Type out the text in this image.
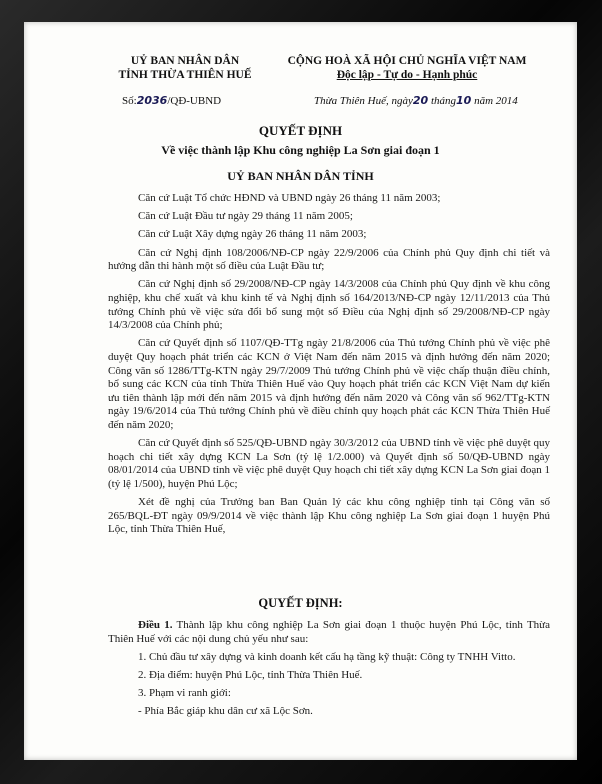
UỶ BAN NHÂN DÂN
TỈNH THỪA THIÊN HUẾ
CỘNG HOÀ XÃ HỘI CHỦ NGHĨA VIỆT NAM
Độc lập - Tự do - Hạnh phúc
Số:2036/QĐ-UBND	Thừa Thiên Huế, ngày20 tháng10 năm 2014
QUYẾT ĐỊNH
Về việc thành lập Khu công nghiệp La Sơn giai đoạn 1
UỶ BAN NHÂN DÂN TỈNH

Căn cứ Luật Tổ chức HĐND và UBND ngày 26 tháng 11 năm 2003;

Căn cứ Luật Đầu tư ngày 29 tháng 11 năm 2005;

Căn cứ Luật Xây dựng ngày 26 tháng 11 năm 2003;

Căn cứ Nghị định 108/2006/NĐ-CP ngày 22/9/2006 của Chính phủ Quy định chi tiết và hướng dẫn thi hành một số điều của Luật Đầu tư;

Căn cứ Nghị định số 29/2008/NĐ-CP ngày 14/3/2008 của Chính phủ Quy định về khu công nghiệp, khu chế xuất và khu kinh tế và Nghị định số 164/2013/NĐ-CP ngày 12/11/2013 của Thủ tướng Chính phủ về việc sửa đổi bổ sung một số Điều của Nghị định số 29/2008/NĐ-CP ngày 14/3/2008 của Chính phủ;

Căn cứ Quyết định số 1107/QĐ-TTg ngày 21/8/2006 của Thủ tướng Chính phủ về việc phê duyệt Quy hoạch phát triển các KCN ở Việt Nam đến năm 2015 và định hướng đến năm 2020; Công văn số 1286/TTg-KTN ngày 29/7/2009 Thủ tướng Chính phủ về việc chấp thuận điều chỉnh, bổ sung các KCN của tỉnh Thừa Thiên Huế vào Quy hoạch phát triển các KCN Việt Nam dự kiến ưu tiên thành lập mới đến năm 2015 và định hướng đến năm 2020 và Công văn số 962/TTg-KTN ngày 19/6/2014 của Thủ tướng Chính phủ về điều chỉnh quy hoạch phát các KCN Thừa Thiên Huế đến năm 2020;

Căn cứ Quyết định số 525/QĐ-UBND ngày 30/3/2012 của UBND tỉnh về việc phê duyệt quy hoạch chi tiết xây dựng KCN La Sơn (tỷ lệ 1/2.000) và Quyết định số 50/QĐ-UBND ngày 08/01/2014 của UBND tỉnh về việc phê duyệt Quy hoạch chi tiết xây dựng KCN La Sơn giai đoạn 1 (tỷ lệ 1/500), huyện Phú Lộc;

Xét đề nghị của Trưởng ban Ban Quản lý các khu công nghiệp tỉnh tại Công văn số 265/BQL-ĐT ngày 09/9/2014 về việc thành lập Khu công nghiệp La Sơn giai đoạn 1 huyện Phú Lộc, tỉnh Thừa Thiên Huế,

QUYẾT ĐỊNH:

Điều 1. Thành lập khu công nghiệp La Sơn giai đoạn 1 thuộc huyện Phú Lộc, tỉnh Thừa Thiên Huế với các nội dung chủ yếu như sau:

1. Chủ đầu tư xây dựng và kinh doanh kết cấu hạ tầng kỹ thuật: Công ty TNHH Vitto.

2. Địa điểm: huyện Phú Lộc, tỉnh Thừa Thiên Huế.

3. Phạm vi ranh giới:

- Phía Bắc giáp khu dân cư xã Lộc Sơn.
